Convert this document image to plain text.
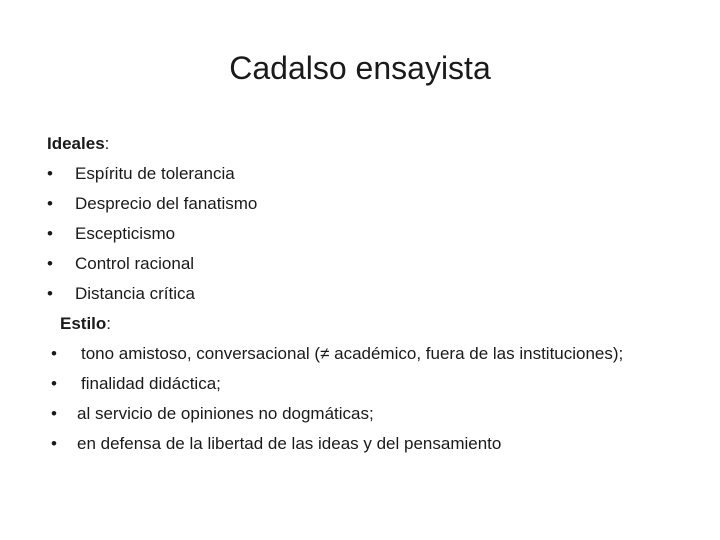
Cadalso ensayista
Ideales:
• Espíritu de tolerancia
• Desprecio del fanatismo
• Escepticismo
• Control racional
• Distancia crítica
Estilo:
• tono amistoso, conversacional (≠ académico, fuera de las instituciones);
• finalidad didáctica;
• al servicio de opiniones no dogmáticas;
• en defensa de la libertad de las ideas y del pensamiento
